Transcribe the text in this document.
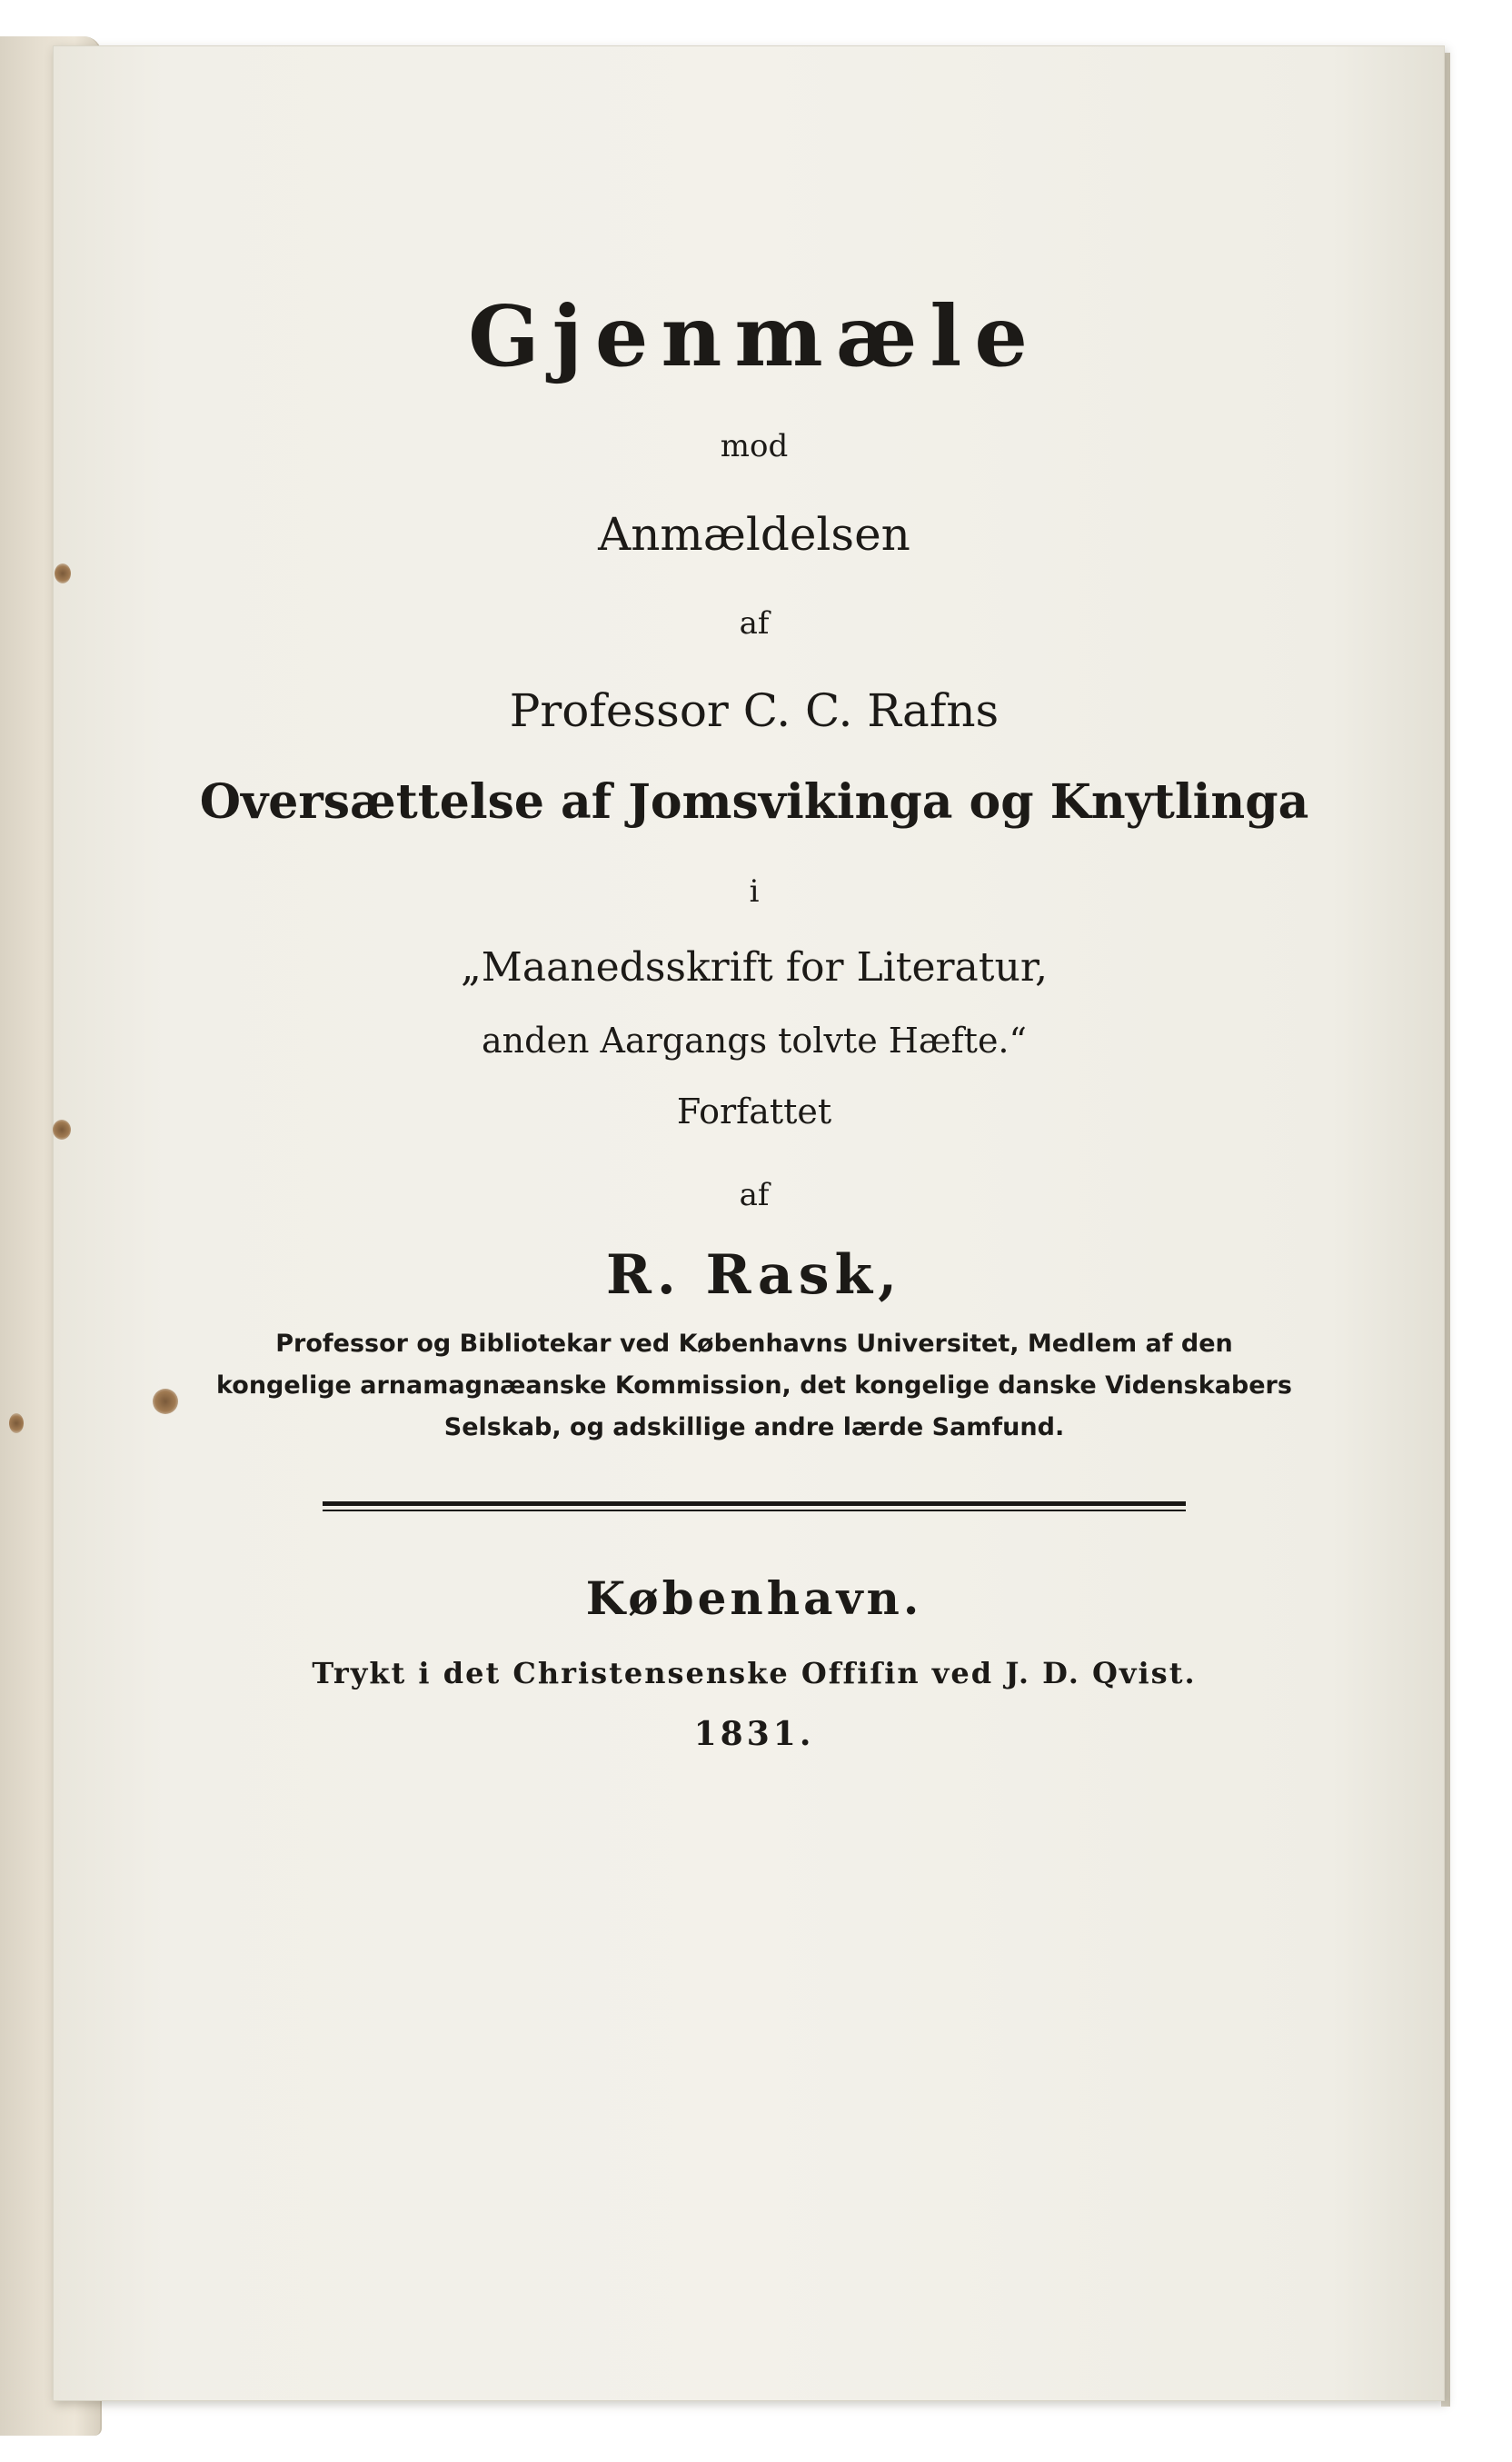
Gjenmæle
mod
Anmældelsen
af
Professor C. C. Rafns
Oversættelse af Jomsvikinga og Knytlinga
i
„Maanedsskrift for Literatur,
anden Aargangs tolvte Hæfte.“
Forfattet
af
R. Rask,
Professor og Bibliotekar ved Københavns Universitet, Medlem af den
kongelige arnamagnæanske Kommission, det kongelige danske Videnskabers
Selskab, og adskillige andre lærde Samfund.
København.
Trykt i det Christensenske Offiſin ved J. D. Qvist.
1831.
